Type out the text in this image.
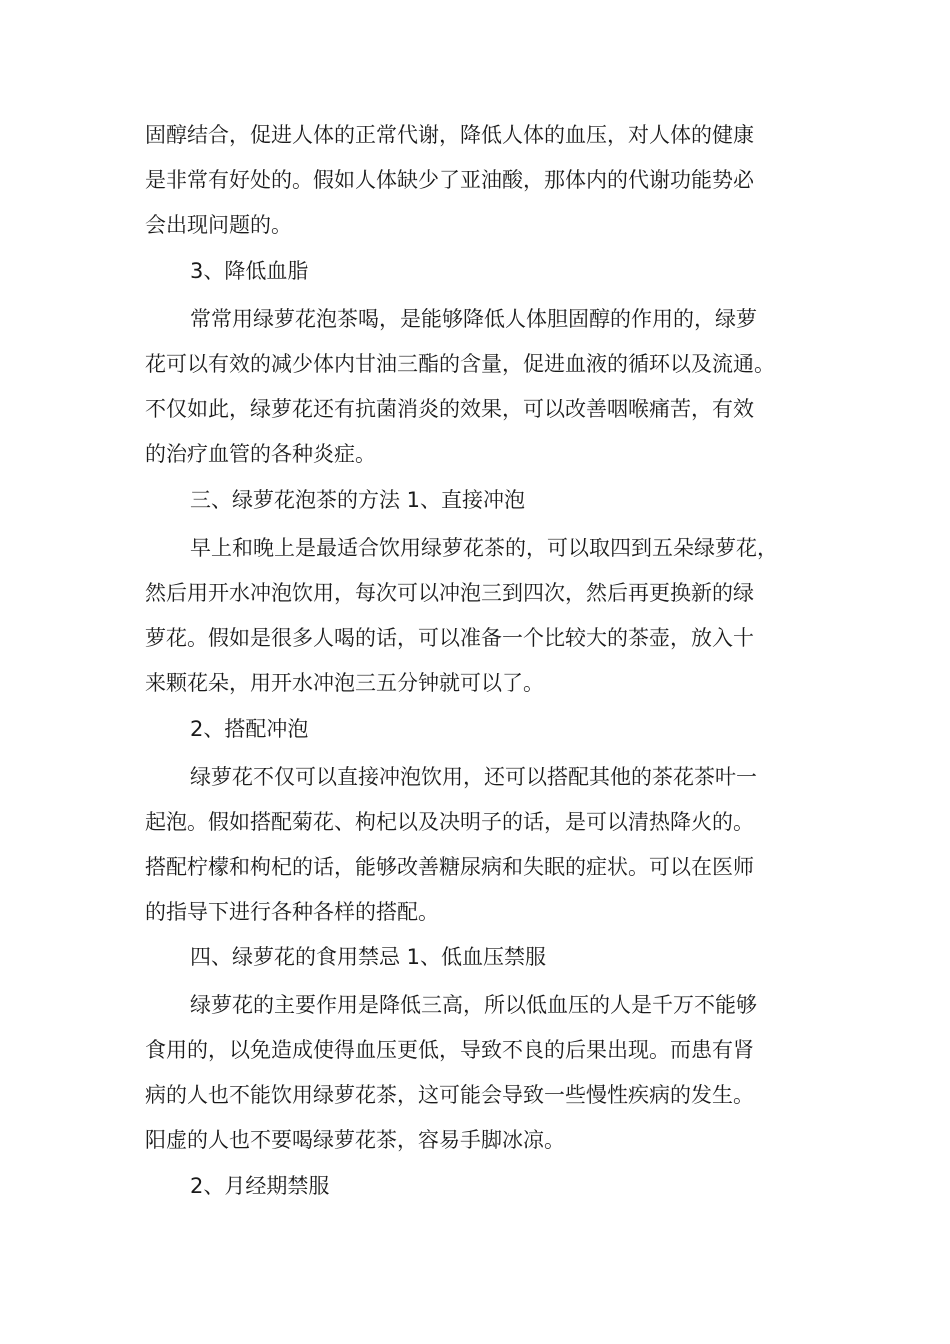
固醇结合，促进人体的正常代谢，降低人体的血压，对人体的健康
是非常有好处的。假如人体缺少了亚油酸，那体内的代谢功能势必
会出现问题的。
3、降低血脂
常常用绿萝花泡茶喝，是能够降低人体胆固醇的作用的，绿萝
花可以有效的减少体内甘油三酯的含量，促进血液的循环以及流通。
不仅如此，绿萝花还有抗菌消炎的效果，可以改善咽喉痛苦，有效
的治疗血管的各种炎症。
三、绿萝花泡茶的方法 1、直接冲泡
早上和晚上是最适合饮用绿萝花茶的，可以取四到五朵绿萝花，
然后用开水冲泡饮用，每次可以冲泡三到四次，然后再更换新的绿
萝花。假如是很多人喝的话，可以准备一个比较大的茶壶，放入十
来颗花朵，用开水冲泡三五分钟就可以了。
2、搭配冲泡
绿萝花不仅可以直接冲泡饮用，还可以搭配其他的茶花茶叶一
起泡。假如搭配菊花、枸杞以及决明子的话，是可以清热降火的。
搭配柠檬和枸杞的话，能够改善糖尿病和失眠的症状。可以在医师
的指导下进行各种各样的搭配。
四、绿萝花的食用禁忌 1、低血压禁服
绿萝花的主要作用是降低三高，所以低血压的人是千万不能够
食用的，以免造成使得血压更低，导致不良的后果出现。而患有肾
病的人也不能饮用绿萝花茶，这可能会导致一些慢性疾病的发生。
阳虚的人也不要喝绿萝花茶，容易手脚冰凉。
2、月经期禁服
